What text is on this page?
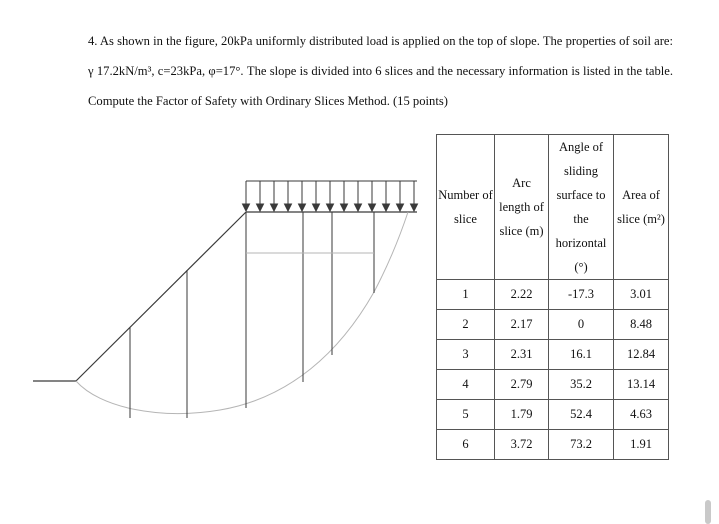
4. As shown in the figure, 20kPa uniformly distributed load is applied on the top of slope. The properties of soil are: γ 17.2kN/m³, c=23kPa, φ=17°. The slope is divided into 6 slices and the necessary information is listed in the table. Compute the Factor of Safety with Ordinary Slices Method. (15 points)

Number of slice	Arc length of slice (m)	Angle of sliding surface to the horizontal (°)	Area of slice (m²)
1	2.22	-17.3	3.01
2	2.17	0	8.48
3	2.31	16.1	12.84
4	2.79	35.2	13.14
5	1.79	52.4	4.63
6	3.72	73.2	1.91
